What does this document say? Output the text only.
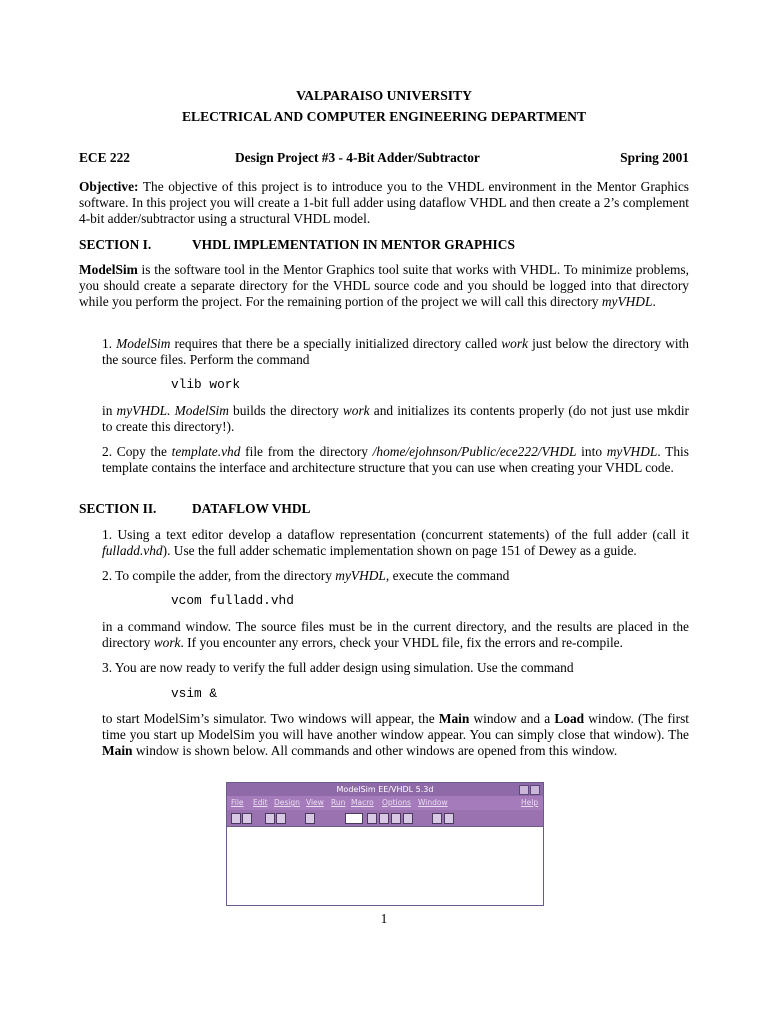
VALPARAISO UNIVERSITY
ELECTRICAL AND COMPUTER ENGINEERING DEPARTMENT
ECE 222	Design Project #3 - 4-Bit Adder/Subtractor	Spring 2001
Objective: The objective of this project is to introduce you to the VHDL environment in the Mentor Graphics software. In this project you will create a 1-bit full adder using dataflow VHDL and then create a 2’s complement 4-bit adder/subtractor using a structural VHDL model.
SECTION I.	VHDL IMPLEMENTATION IN MENTOR GRAPHICS
ModelSim is the software tool in the Mentor Graphics tool suite that works with VHDL. To minimize problems, you should create a separate directory for the VHDL source code and you should be logged into that directory while you perform the project. For the remaining portion of the project we will call this directory myVHDL.
1. ModelSim requires that there be a specially initialized directory called work just below the directory with the source files. Perform the command
vlib work
in myVHDL. ModelSim builds the directory work and initializes its contents properly (do not just use mkdir to create this directory!).
2. Copy the template.vhd file from the directory /home/ejohnson/Public/ece222/VHDL into myVHDL. This template contains the interface and architecture structure that you can use when creating your VHDL code.
SECTION II.	DATAFLOW VHDL
1. Using a text editor develop a dataflow representation (concurrent statements) of the full adder (call it fulladd.vhd). Use the full adder schematic implementation shown on page 151 of Dewey as a guide.
2. To compile the adder, from the directory myVHDL, execute the command
vcom fulladd.vhd
in a command window. The source files must be in the current directory, and the results are placed in the directory work. If you encounter any errors, check your VHDL file, fix the errors and re-compile.
3. You are now ready to verify the full adder design using simulation. Use the command
vsim &
to start ModelSim’s simulator. Two windows will appear, the Main window and a Load window. (The first time you start up ModelSim you will have another window appear. You can simply close that window). The Main window is shown below. All commands and other windows are opened from this window.
ModelSim EE/VHDL 5.3d
File Edit Design View Run Macro Options Window	Help
1
